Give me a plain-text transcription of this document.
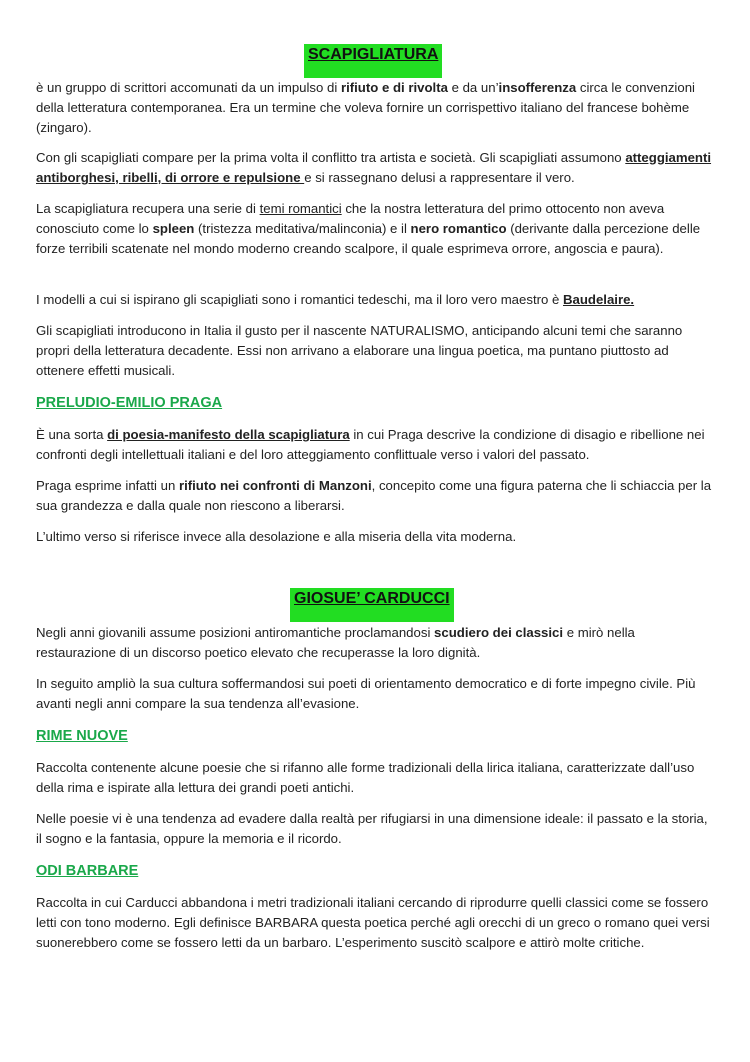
SCAPIGLIATURA

è un gruppo di scrittori accomunati da un impulso di rifiuto e di rivolta e da un’insofferenza circa le convenzioni della letteratura contemporanea. Era un termine che voleva fornire un corrispettivo italiano del francese bohème (zingaro).

Con gli scapigliati compare per la prima volta il conflitto tra artista e società. Gli scapigliati assumono atteggiamenti antiborghesi, ribelli, di orrore e repulsione e si rassegnano delusi a rappresentare il vero.

La scapigliatura recupera una serie di temi romantici che la nostra letteratura del primo ottocento non aveva conosciuto come lo spleen (tristezza meditativa/malinconia) e il nero romantico (derivante dalla percezione delle forze terribili scatenate nel mondo moderno creando scalpore, il quale esprimeva orrore, angoscia e paura).

I modelli a cui si ispirano gli scapigliati sono i romantici tedeschi, ma il loro vero maestro è Baudelaire.

Gli scapigliati introducono in Italia il gusto per il nascente NATURALISMO, anticipando alcuni temi che saranno propri della letteratura decadente. Essi non arrivano a elaborare una lingua poetica, ma puntano piuttosto ad ottenere effetti musicali.

PRELUDIO-EMILIO PRAGA

È una sorta di poesia-manifesto della scapigliatura in cui Praga descrive la condizione di disagio e ribellione nei confronti degli intellettuali italiani e del loro atteggiamento conflittuale verso i valori del passato.

Praga esprime infatti un rifiuto nei confronti di Manzoni, concepito come una figura paterna che li schiaccia per la sua grandezza e dalla quale non riescono a liberarsi.

L’ultimo verso si riferisce invece alla desolazione e alla miseria della vita moderna.

GIOSUE’ CARDUCCI

Negli anni giovanili assume posizioni antiromantiche proclamandosi scudiero dei classici e mirò nella restaurazione di un discorso poetico elevato che recuperasse la loro dignità.

In seguito ampliò la sua cultura soffermandosi sui poeti di orientamento democratico e di forte impegno civile. Più avanti negli anni compare la sua tendenza all’evasione.

RIME NUOVE

Raccolta contenente alcune poesie che si rifanno alle forme tradizionali della lirica italiana, caratterizzate dall’uso della rima e ispirate alla lettura dei grandi poeti antichi.

Nelle poesie vi è una tendenza ad evadere dalla realtà per rifugiarsi in una dimensione ideale: il passato e la storia, il sogno e la fantasia, oppure la memoria e il ricordo.

ODI BARBARE

Raccolta in cui Carducci abbandona i metri tradizionali italiani cercando di riprodurre quelli classici come se fossero letti con tono moderno. Egli definisce BARBARA questa poetica perché agli orecchi di un greco o romano quei versi suonerebbero come se fossero letti da un barbaro. L’esperimento suscitò scalpore e attirò molte critiche.
